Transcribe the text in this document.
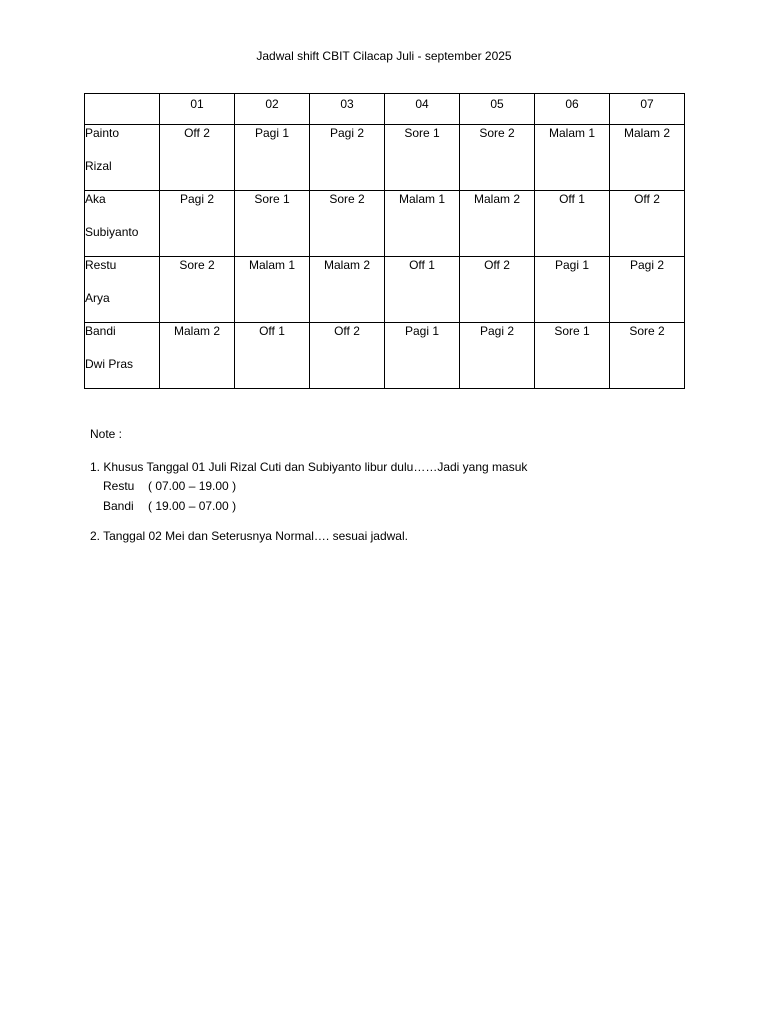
Jadwal shift CBIT Cilacap Juli - september 2025
	01	02	03	04	05	06	07

Painto
Rizal	Off 2	Pagi 1	Pagi 2	Sore 1	Sore 2	Malam 1	Malam 2

Aka
Subiyanto	Pagi 2	Sore 1	Sore 2	Malam 1	Malam 2	Off 1	Off 2

Restu
Arya	Sore 2	Malam 1	Malam 2	Off 1	Off 2	Pagi 1	Pagi 2

Bandi
Dwi Pras	Malam 2	Off 1	Off 2	Pagi 1	Pagi 2	Sore 1	Sore 2
Note :
1. Khusus Tanggal 01 Juli Rizal Cuti dan Subiyanto libur dulu……Jadi yang masuk
Restu ( 07.00 – 19.00 )
Bandi ( 19.00 – 07.00 )
2. Tanggal 02 Mei dan Seterusnya Normal…. sesuai jadwal.
